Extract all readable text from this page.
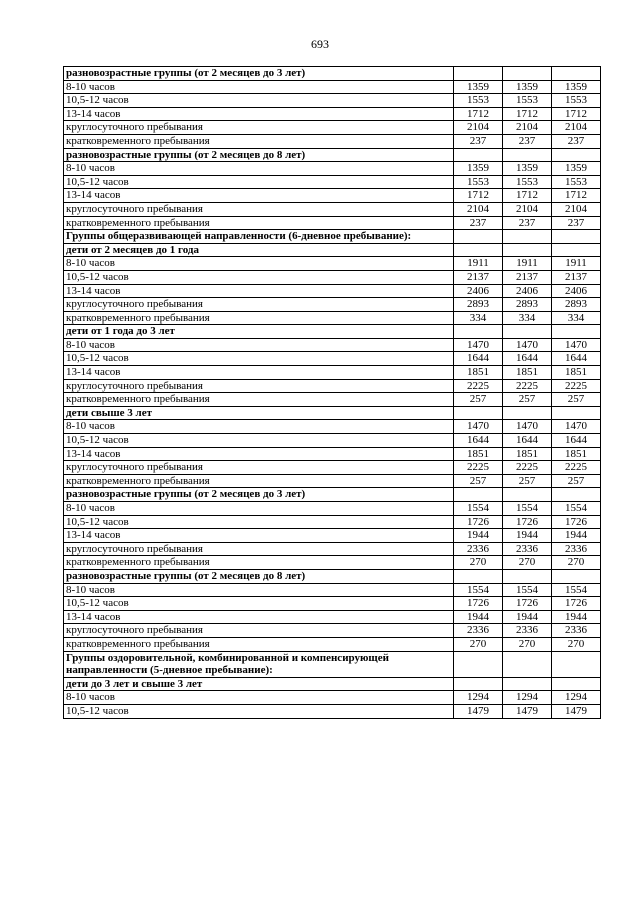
693
разновозрастные группы (от 2 месяцев до 3 лет)			
8-10 часов	1359	1359	1359
10,5-12 часов	1553	1553	1553
13-14 часов	1712	1712	1712
круглосуточного пребывания	2104	2104	2104
кратковременного пребывания	237	237	237
разновозрастные группы (от 2 месяцев до 8 лет)			
8-10 часов	1359	1359	1359
10,5-12 часов	1553	1553	1553
13-14 часов	1712	1712	1712
круглосуточного пребывания	2104	2104	2104
кратковременного пребывания	237	237	237
Группы общеразвивающей направленности (6-дневное пребывание):			
дети от 2 месяцев до 1 года			
8-10 часов	1911	1911	1911
10,5-12 часов	2137	2137	2137
13-14 часов	2406	2406	2406
круглосуточного пребывания	2893	2893	2893
кратковременного пребывания	334	334	334
дети от 1 года до 3 лет			
8-10 часов	1470	1470	1470
10,5-12 часов	1644	1644	1644
13-14 часов	1851	1851	1851
круглосуточного пребывания	2225	2225	2225
кратковременного пребывания	257	257	257
дети свыше 3 лет			
8-10 часов	1470	1470	1470
10,5-12 часов	1644	1644	1644
13-14 часов	1851	1851	1851
круглосуточного пребывания	2225	2225	2225
кратковременного пребывания	257	257	257
разновозрастные группы (от 2 месяцев до 3 лет)			
8-10 часов	1554	1554	1554
10,5-12 часов	1726	1726	1726
13-14 часов	1944	1944	1944
круглосуточного пребывания	2336	2336	2336
кратковременного пребывания	270	270	270
разновозрастные группы (от 2 месяцев до 8 лет)			
8-10 часов	1554	1554	1554
10,5-12 часов	1726	1726	1726
13-14 часов	1944	1944	1944
круглосуточного пребывания	2336	2336	2336
кратковременного пребывания	270	270	270
Группы оздоровительной, комбинированной и компенсирующей направленности (5-дневное пребывание):			
дети до 3 лет и свыше 3 лет			
8-10 часов	1294	1294	1294
10,5-12 часов	1479	1479	1479
